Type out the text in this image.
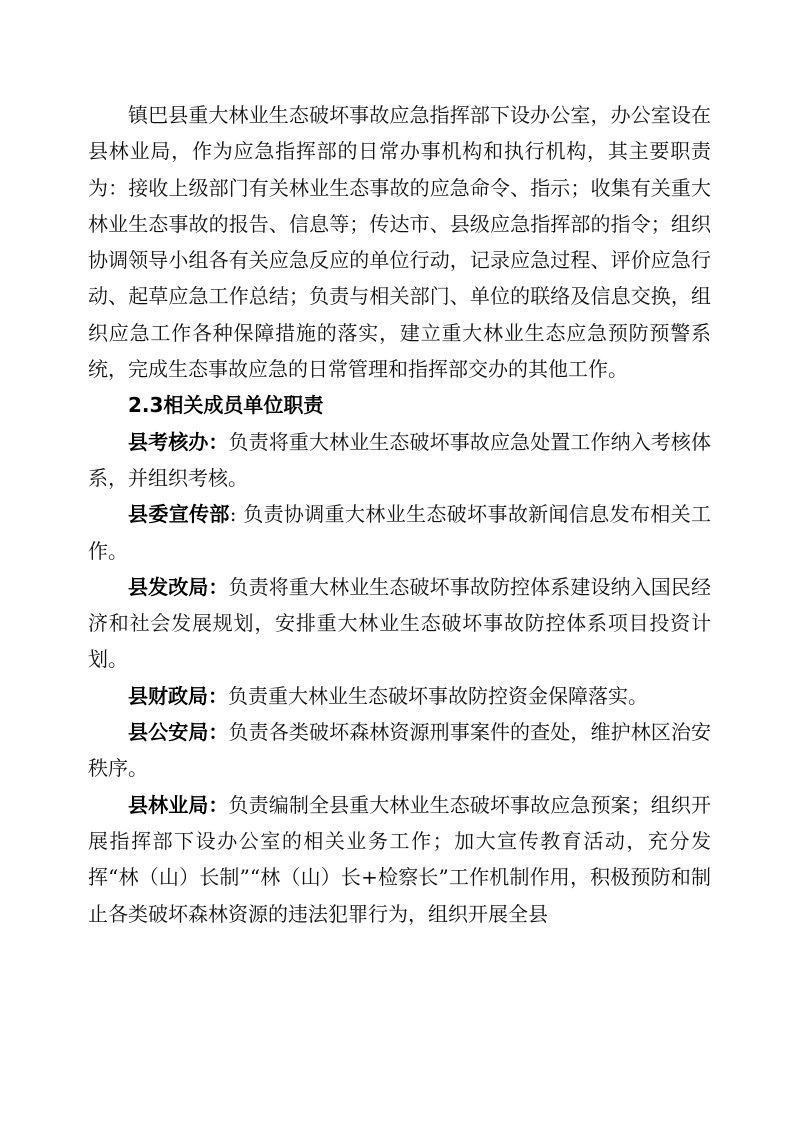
镇巴县重大林业生态破坏事故应急指挥部下设办公室，办公室设在县林业局，作为应急指挥部的日常办事机构和执行机构，其主要职责为：接收上级部门有关林业生态事故的应急命令、指示；收集有关重大林业生态事故的报告、信息等；传达市、县级应急指挥部的指令；组织协调领导小组各有关应急反应的单位行动，记录应急过程、评价应急行动、起草应急工作总结；负责与相关部门、单位的联络及信息交换，组织应急工作各种保障措施的落实，建立重大林业生态应急预防预警系统，完成生态事故应急的日常管理和指挥部交办的其他工作。

2.3相关成员单位职责

县考核办：负责将重大林业生态破坏事故应急处置工作纳入考核体系，并组织考核。

县委宣传部: 负责协调重大林业生态破坏事故新闻信息发布相关工作。

县发改局：负责将重大林业生态破坏事故防控体系建设纳入国民经济和社会发展规划，安排重大林业生态破坏事故防控体系项目投资计划。

县财政局：负责重大林业生态破坏事故防控资金保障落实。

县公安局：负责各类破坏森林资源刑事案件的查处，维护林区治安秩序。

县林业局：负责编制全县重大林业生态破坏事故应急预案；组织开展指挥部下设办公室的相关业务工作；加大宣传教育活动，充分发挥“林（山）长制”“林（山）长+检察长”工作机制作用，积极预防和制止各类破坏森林资源的违法犯罪行为，组织开展全县
